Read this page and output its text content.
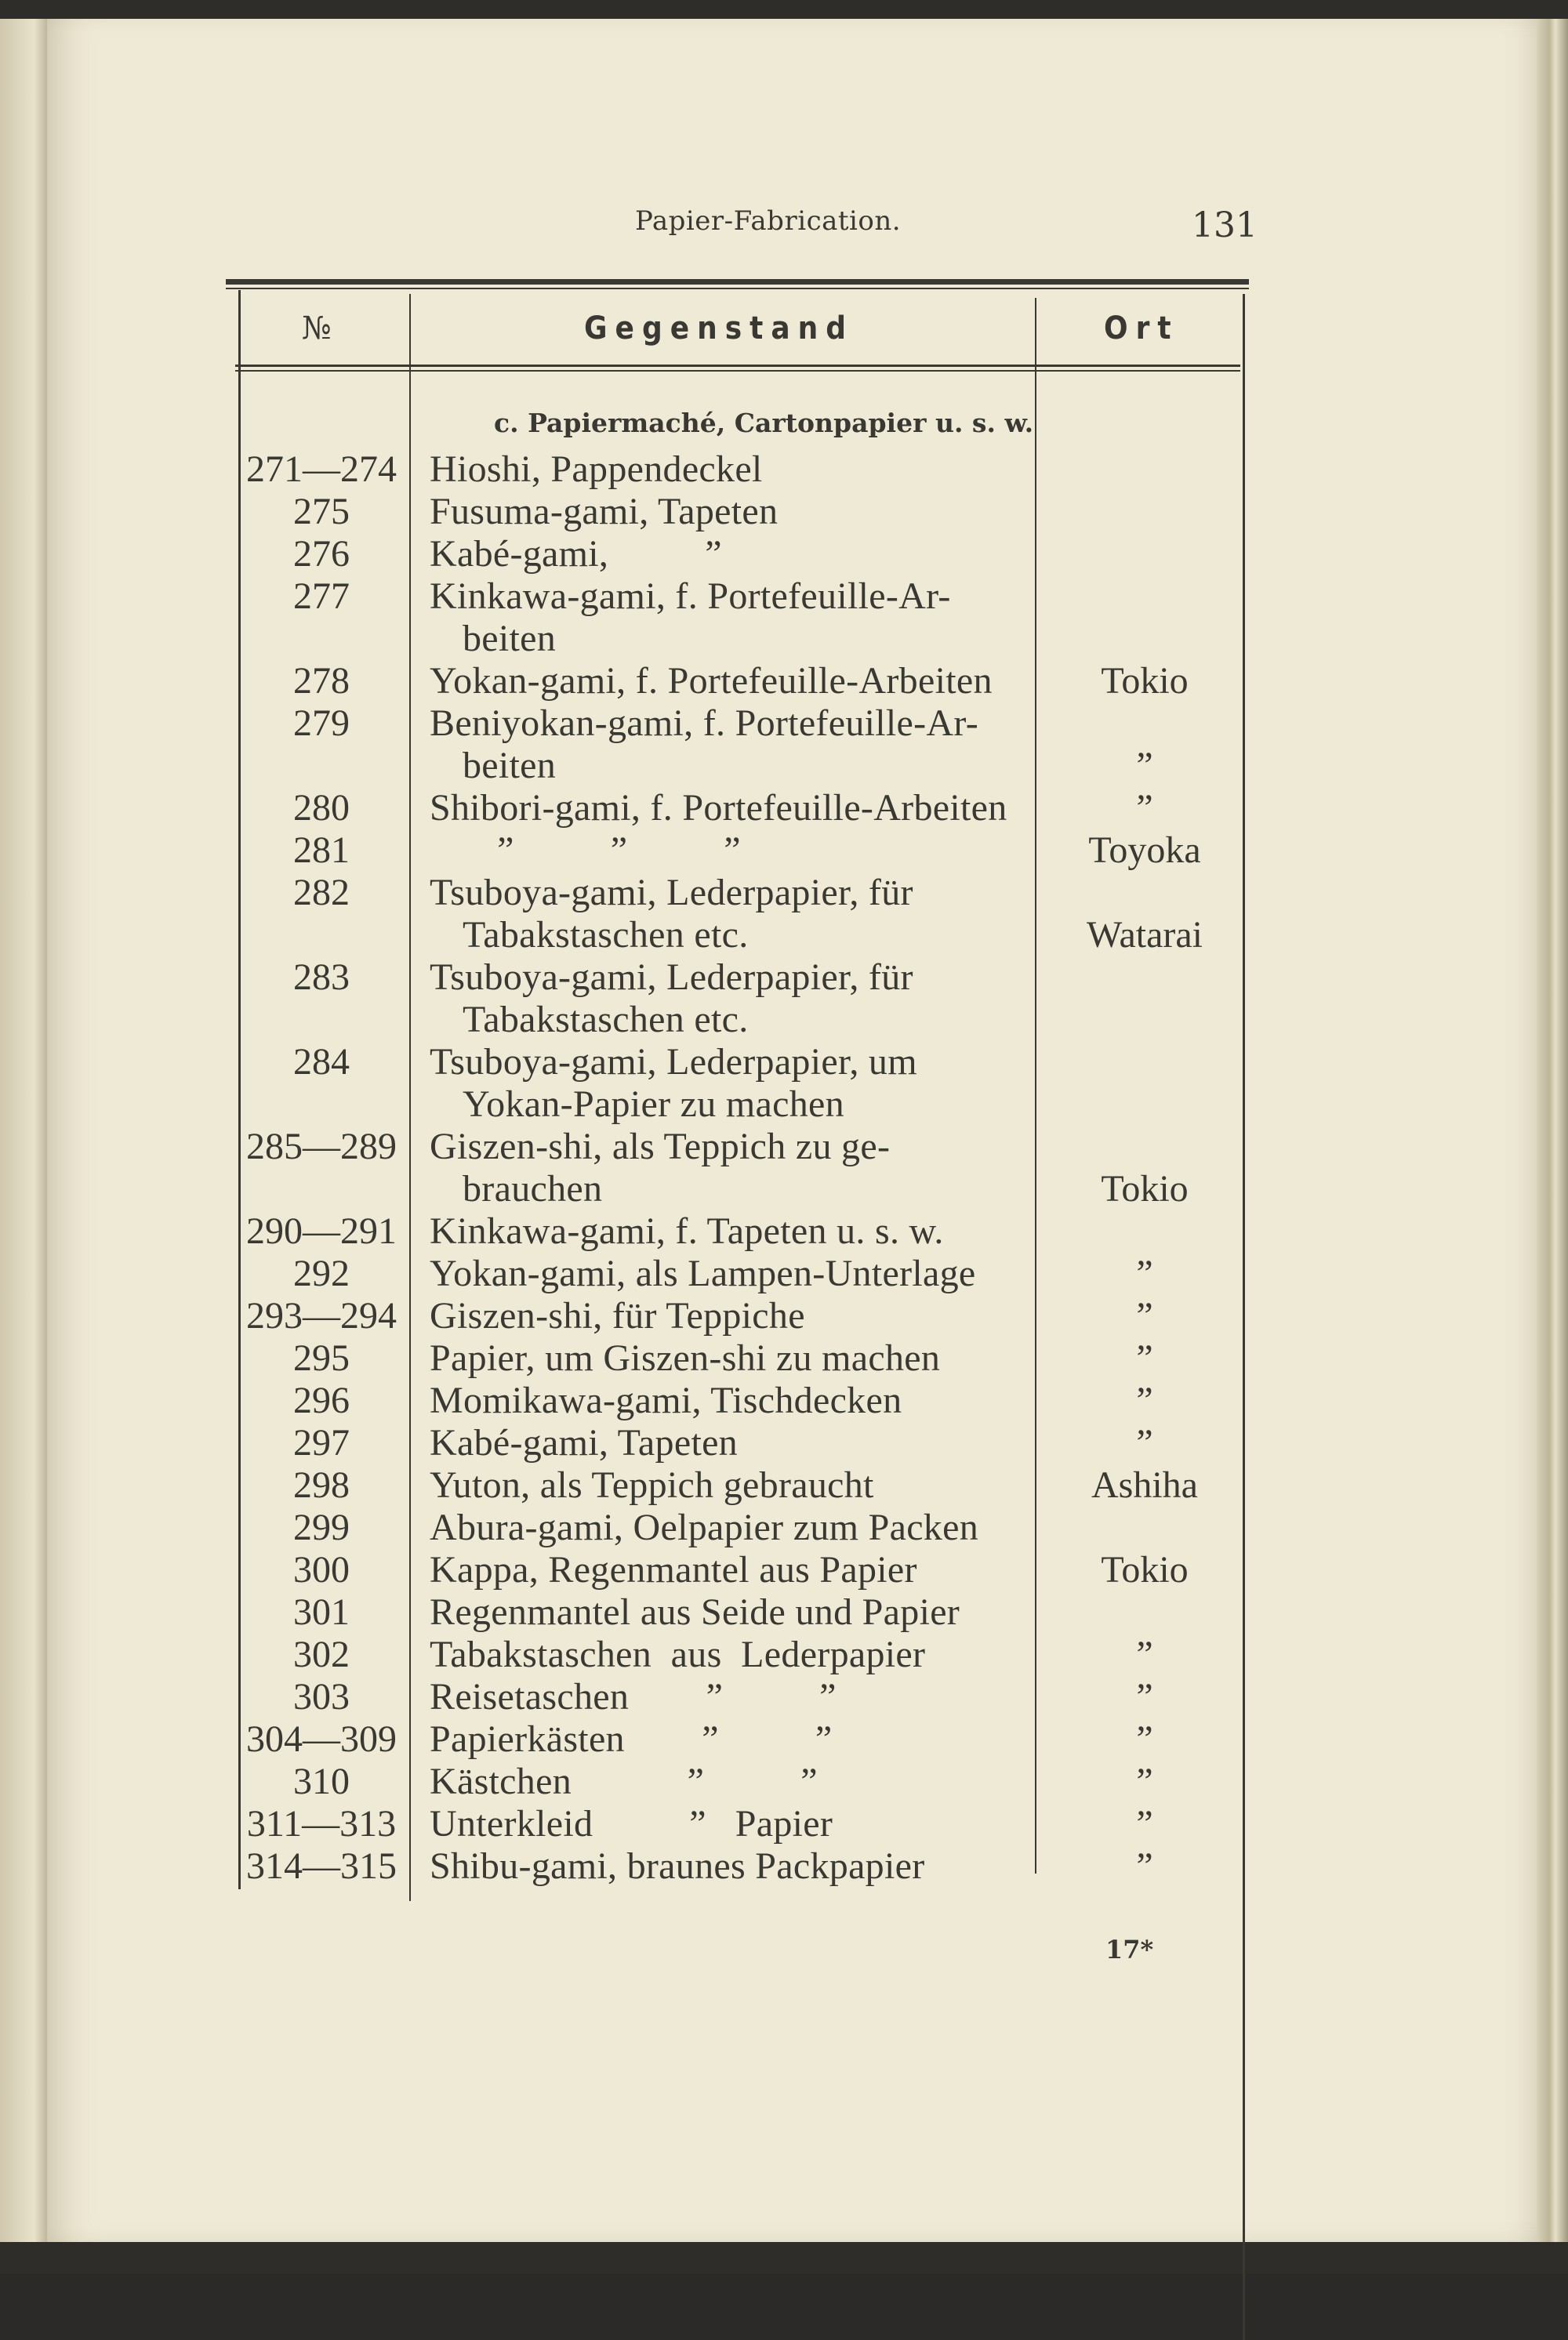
Papier-Fabrication.	131
№	Gegenstand	Ort
c. Papiermaché, Cartonpapier u. s. w.
271—274 Hioshi, Pappendeckel
275	Fusuma-gami, Tapeten
276	Kabé-gami,          ”
277	Kinkawa-gami, f. Portefeuille-Ar-
beiten
278	Yokan-gami, f. Portefeuille-Arbeiten	Tokio
279	Beniyokan-gami, f. Portefeuille-Ar-
beiten	”
280	Shibori-gami, f. Portefeuille-Arbeiten	”
281	”          ”          ”	Toyoka
282	Tsuboya-gami, Lederpapier, für
Tabakstaschen etc.	Watarai
283	Tsuboya-gami, Lederpapier, für
Tabakstaschen etc.
284	Tsuboya-gami, Lederpapier, um
Yokan-Papier zu machen
285—289 Giszen-shi, als Teppich zu ge-
brauchen	Tokio
290—291 Kinkawa-gami, f. Tapeten u. s. w.
292	Yokan-gami, als Lampen-Unterlage	”
293—294 Giszen-shi, für Teppiche	”
295	Papier, um Giszen-shi zu machen	”
296	Momikawa-gami, Tischdecken	”
297	Kabé-gami, Tapeten	”
298	Yuton, als Teppich gebraucht	Ashiha
299	Abura-gami, Oelpapier zum Packen
300	Kappa, Regenmantel aus Papier	Tokio
301	Regenmantel aus Seide und Papier
302	Tabakstaschen  aus  Lederpapier	”
303	Reisetaschen        ”          ”	”
304—309 Papierkästen        ”          ”	”
310	Kästchen            ”          ”	”
311—313 Unterkleid          ”   Papier	”
314—315 Shibu-gami, braunes Packpapier	”
17*
